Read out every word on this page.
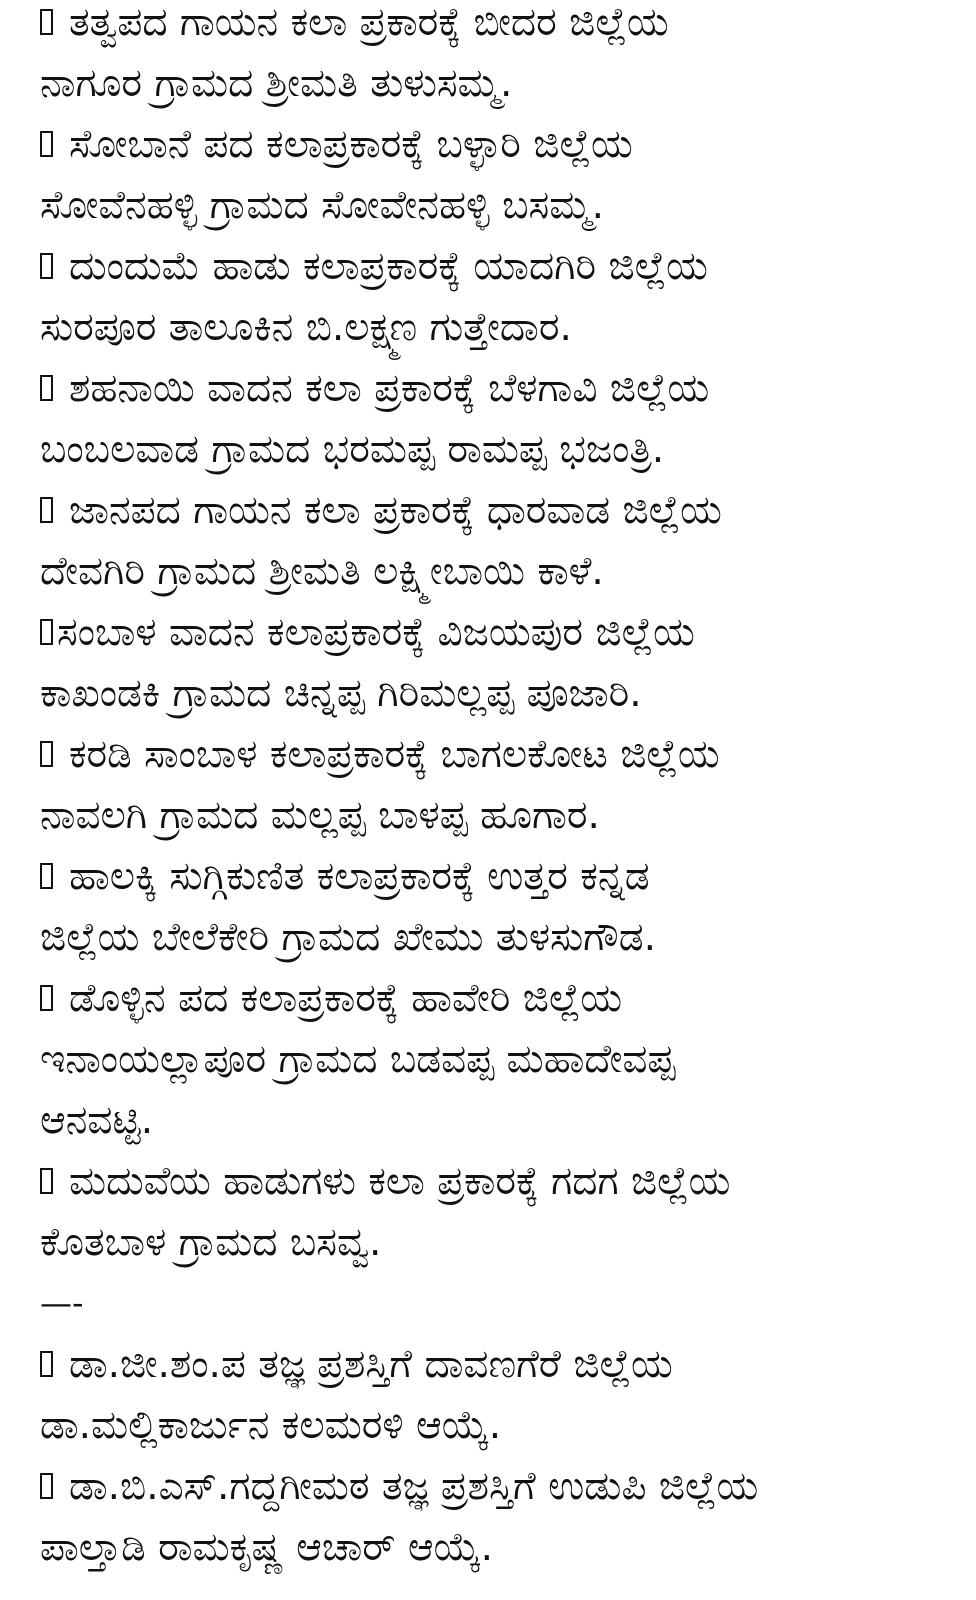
ತತ್ವಪದ ಗಾಯನ ಕಲಾ ಪ್ರಕಾರಕ್ಕೆ ಬೀದರ ಜಿಲ್ಲೆಯ
ನಾಗೂರ ಗ್ರಾಮದ ಶ್ರೀಮತಿ ತುಳುಸಮ್ಮ.
ಸೋಬಾನೆ ಪದ ಕಲಾಪ್ರಕಾರಕ್ಕೆ ಬಳ್ಳಾರಿ ಜಿಲ್ಲೆಯ
ಸೋವೆನಹಳ್ಳಿ ಗ್ರಾಮದ ಸೋವೇನಹಳ್ಳಿ ಬಸಮ್ಮ.
ದುಂದುಮೆ ಹಾಡು ಕಲಾಪ್ರಕಾರಕ್ಕೆ ಯಾದಗಿರಿ ಜಿಲ್ಲೆಯ
ಸುರಪೂರ ತಾಲೂಕಿನ ಬಿ.ಲಕ್ಷ್ಮಣ ಗುತ್ತೇದಾರ.
ಶಹನಾಯಿ ವಾದನ ಕಲಾ ಪ್ರಕಾರಕ್ಕೆ ಬೆಳಗಾವಿ ಜಿಲ್ಲೆಯ
ಬಂಬಲವಾಡ ಗ್ರಾಮದ ಭರಮಪ್ಪ ರಾಮಪ್ಪ ಭಜಂತ್ರಿ.
ಜಾನಪದ ಗಾಯನ ಕಲಾ ಪ್ರಕಾರಕ್ಕೆ ಧಾರವಾಡ ಜಿಲ್ಲೆಯ
ದೇವಗಿರಿ ಗ್ರಾಮದ ಶ್ರೀಮತಿ ಲಕ್ಷ್ಮೀಬಾಯಿ ಕಾಳೆ.
ಸಂಬಾಳ ವಾದನ ಕಲಾಪ್ರಕಾರಕ್ಕೆ ವಿಜಯಪುರ ಜಿಲ್ಲೆಯ
ಕಾಖಂಡಕಿ ಗ್ರಾಮದ ಚಿನ್ನಪ್ಪ ಗಿರಿಮಲ್ಲಪ್ಪ ಪೂಜಾರಿ.
ಕರಡಿ ಸಾಂಬಾಳ ಕಲಾಪ್ರಕಾರಕ್ಕೆ ಬಾಗಲಕೋಟ ಜಿಲ್ಲೆಯ
ನಾವಲಗಿ ಗ್ರಾಮದ ಮಲ್ಲಪ್ಪ ಬಾಳಪ್ಪ ಹೂಗಾರ.
ಹಾಲಕ್ಕಿ ಸುಗ್ಗಿಕುಣಿತ ಕಲಾಪ್ರಕಾರಕ್ಕೆ ಉತ್ತರ ಕನ್ನಡ
ಜಿಲ್ಲೆಯ ಬೇಲೆಕೇರಿ ಗ್ರಾಮದ ಖೇಮು ತುಳಸುಗೌಡ.
ಡೊಳ್ಳಿನ ಪದ ಕಲಾಪ್ರಕಾರಕ್ಕೆ ಹಾವೇರಿ ಜಿಲ್ಲೆಯ
ಇನಾಂಯಲ್ಲಾಪೂರ ಗ್ರಾಮದ ಬಡವಪ್ಪ ಮಹಾದೇವಪ್ಪ
ಆನವಟ್ಟಿ.
ಮದುವೆಯ ಹಾಡುಗಳು ಕಲಾ ಪ್ರಕಾರಕ್ಕೆ ಗದಗ ಜಿಲ್ಲೆಯ
ಕೊತಬಾಳ ಗ್ರಾಮದ ಬಸವ್ವ.
—-
ಡಾ.ಜೀ.ಶಂ.ಪ ತಜ್ಞ ಪ್ರಶಸ್ತಿಗೆ ದಾವಣಗೆರೆ ಜಿಲ್ಲೆಯ
ಡಾ.ಮಲ್ಲಿಕಾರ್ಜುನ ಕಲಮರಳಿ ಆಯ್ಕೆ.
ಡಾ.ಬಿ.ಎಸ್.ಗದ್ದಗೀಮಠ ತಜ್ಞ ಪ್ರಶಸ್ತಿಗೆ ಉಡುಪಿ ಜಿಲ್ಲೆಯ
ಪಾಲ್ತಾಡಿ ರಾಮಕೃಷ್ಣ ಆಚಾರ್ ಆಯ್ಕೆ.
